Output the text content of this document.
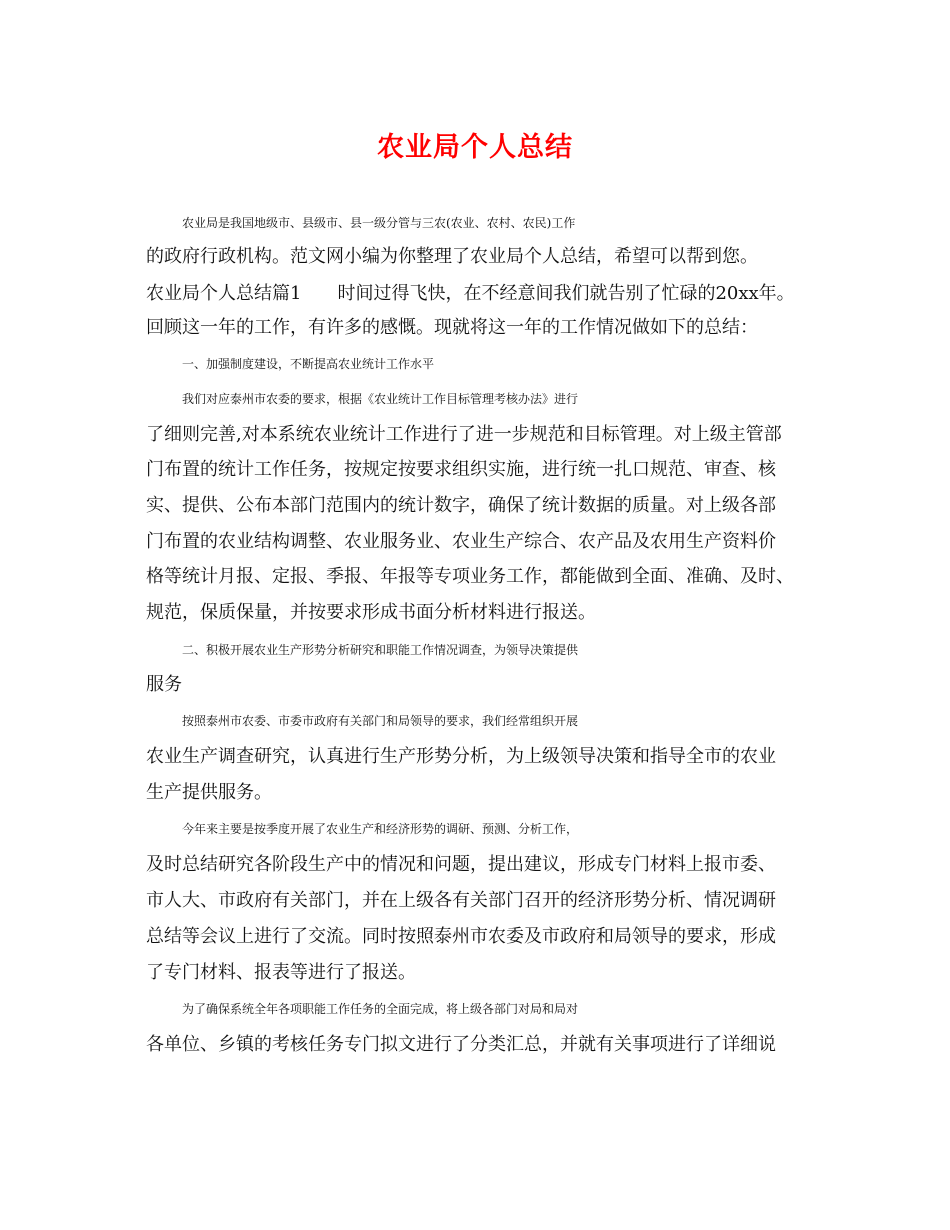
农业局个人总结
农业局是我国地级市、县级市、县一级分管与三农(农业、农村、农民)工作
的政府行政机构。范文网小编为你整理了农业局个人总结，希望可以帮到您。
农业局个人总结篇1　　时间过得飞快，在不经意间我们就告别了忙碌的20xx年。
回顾这一年的工作，有许多的感慨。现就将这一年的工作情况做如下的总结：
一、加强制度建设，不断提高农业统计工作水平
我们对应泰州市农委的要求，根据《农业统计工作目标管理考核办法》进行
了细则完善,对本系统农业统计工作进行了进一步规范和目标管理。对上级主管部
门布置的统计工作任务，按规定按要求组织实施，进行统一扎口规范、审查、核
实、提供、公布本部门范围内的统计数字，确保了统计数据的质量。对上级各部
门布置的农业结构调整、农业服务业、农业生产综合、农产品及农用生产资料价
格等统计月报、定报、季报、年报等专项业务工作，都能做到全面、准确、及时、
规范，保质保量，并按要求形成书面分析材料进行报送。
二、积极开展农业生产形势分析研究和职能工作情况调查，为领导决策提供
服务
按照泰州市农委、市委市政府有关部门和局领导的要求，我们经常组织开展
农业生产调查研究，认真进行生产形势分析，为上级领导决策和指导全市的农业
生产提供服务。
今年来主要是按季度开展了农业生产和经济形势的调研、预测、分析工作，
及时总结研究各阶段生产中的情况和问题，提出建议，形成专门材料上报市委、
市人大、市政府有关部门，并在上级各有关部门召开的经济形势分析、情况调研
总结等会议上进行了交流。同时按照泰州市农委及市政府和局领导的要求，形成
了专门材料、报表等进行了报送。
为了确保系统全年各项职能工作任务的全面完成，将上级各部门对局和局对
各单位、乡镇的考核任务专门拟文进行了分类汇总，并就有关事项进行了详细说
